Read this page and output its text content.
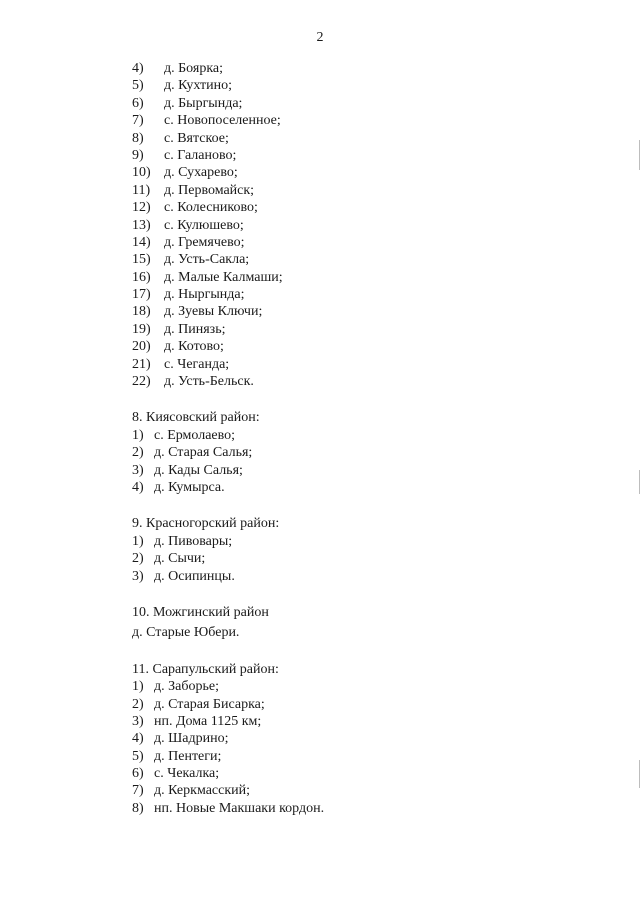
2
4)	д. Боярка;
5)	д. Кухтино;
6)	д. Быргында;
7)	с. Новопоселенное;
8)	с. Вятское;
9)	с. Галаново;
10) д. Сухарево;
11) д. Первомайск;
12) с. Колесниково;
13) с. Кулюшево;
14) д. Гремячево;
15) д. Усть-Сакла;
16) д. Малые Калмаши;
17) д. Ныргында;
18) д. Зуевы Ключи;
19) д. Пинязь;
20) д. Котово;
21) с. Чеганда;
22) д. Усть-Бельск.
8. Киясовский район:
1) с. Ермолаево;
2) д. Старая Салья;
3) д. Кады Салья;
4) д. Кумырса.
9. Красногорский район:
1) д. Пивовары;
2) д. Сычи;
3) д. Осипинцы.
10. Можгинский район
д. Старые Юбери.
11. Сарапульский район:
1) д. Заборье;
2) д. Старая Бисарка;
3) нп. Дома 1125 км;
4) д. Шадрино;
5) д. Пентеги;
6) с. Чекалка;
7) д. Керкмасский;
8) нп. Новые Макшаки кордон.
